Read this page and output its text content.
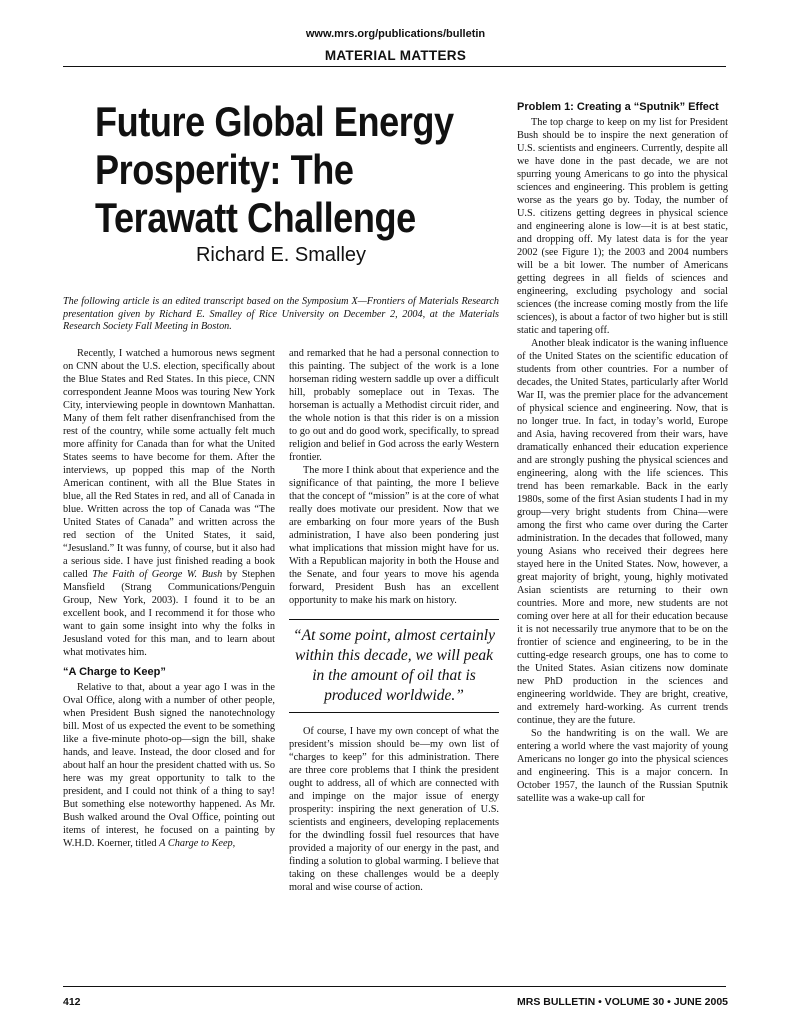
www.mrs.org/publications/bulletin
MATERIAL MATTERS
Future Global Energy
Prosperity: The
Terawatt Challenge
Richard E. Smalley
The following article is an edited transcript based on the Symposium X—Frontiers of Materials Research presentation given by Richard E. Smalley of Rice University on December 2, 2004, at the Materials Research Society Fall Meeting in Boston.

Recently, I watched a humorous news segment on CNN about the U.S. election, specifically about the Blue States and Red States. In this piece, CNN correspondent Jeanne Moos was touring New York City, interviewing people in downtown Manhattan. Many of them felt rather disenfranchised from the rest of the country, while some actually felt much more affinity for Canada than for what the United States seems to have become for them. After the interviews, up popped this map of the North American continent, with all the Blue States in blue, all the Red States in red, and all of Canada in blue. Written across the top of Canada was “The United States of Canada” and written across the red section of the United States, it said, “Jesusland.” It was funny, of course, but it also had a serious side. I have just finished reading a book called The Faith of George W. Bush by Stephen Mansfield (Strang Communications/Penguin Group, New York, 2003). I found it to be an excellent book, and I recommend it for those who want to gain some insight into why the folks in Jesusland voted for this man, and to learn about what motivates him.

“A Charge to Keep”

Relative to that, about a year ago I was in the Oval Office, along with a number of other people, when President Bush signed the nanotechnology bill. Most of us expected the event to be something like a five-minute photo-op—sign the bill, shake hands, and leave. Instead, the door closed and for about half an hour the president chatted with us. So here was my great opportunity to talk to the president, and I could not think of a thing to say! But something else noteworthy happened. As Mr. Bush walked around the Oval Office, pointing out items of interest, he focused on a painting by W.H.D. Koerner, titled A Charge to Keep,

and remarked that he had a personal connection to this painting. The subject of the work is a lone horseman riding western saddle up over a difficult hill, probably someplace out in Texas. The horseman is actually a Methodist circuit rider, and the whole notion is that this rider is on a mission to go out and do good work, specifically, to spread religion and belief in God across the early Western frontier.

The more I think about that experience and the significance of that painting, the more I believe that the concept of “mission” is at the core of what really does motivate our president. Now that we are embarking on four more years of the Bush administration, I have also been pondering just what implications that mission might have for us. With a Republican majority in both the House and the Senate, and four years to move his agenda forward, President Bush has an excellent opportunity to make his mark on history.

“At some point, almost certainly within this decade, we will peak in the amount of oil that is produced worldwide.”

Of course, I have my own concept of what the president’s mission should be—my own list of “charges to keep” for this administration. There are three core problems that I think the president ought to address, all of which are connected with and impinge on the major issue of energy prosperity: inspiring the next generation of U.S. scientists and engineers, developing replacements for the dwindling fossil fuel resources that have provided a majority of our energy in the past, and finding a solution to global warming. I believe that taking on these challenges would be a deeply moral and wise course of action.

Problem 1: Creating a “Sputnik” Effect

The top charge to keep on my list for President Bush should be to inspire the next generation of U.S. scientists and engineers. Currently, despite all we have done in the past decade, we are not spurring young Americans to go into the physical sciences and engineering. This problem is getting worse as the years go by. Today, the number of U.S. citizens getting degrees in physical science and engineering alone is low—it is at best static, and dropping off. My latest data is for the year 2002 (see Figure 1); the 2003 and 2004 numbers will be a bit lower. The number of Americans getting degrees in all fields of sciences and engineering, excluding psychology and social sciences (the increase coming mostly from the life sciences), is about a factor of two higher but is still static and tapering off.

Another bleak indicator is the waning influence of the United States on the scientific education of students from other countries. For a number of decades, the United States, particularly after World War II, was the premier place for the advancement of physical science and engineering. Now, that is no longer true. In fact, in today’s world, Europe and Asia, having recovered from their wars, have dramatically enhanced their education experience and are strongly pushing the physical sciences and engineering, along with the life sciences. This trend has been remarkable. Back in the early 1980s, some of the first Asian students I had in my group—very bright students from China—were among the first who came over during the Carter administration. In the decades that followed, many young Asians who received their degrees here stayed here in the United States. Now, however, a great majority of bright, young, highly motivated Asian scientists are returning to their own countries. More and more, new students are not coming over here at all for their education because it is not necessarily true anymore that to be on the frontier of science and engineering, to be in the cutting-edge research groups, one has to come to the United States. Asian citizens now dominate new PhD production in the sciences and engineering worldwide. They are bright, creative, and extremely hard-working. As current trends continue, they are the future.

So the handwriting is on the wall. We are entering a world where the vast majority of young Americans no longer go into the physical sciences and engineering. This is a major concern. In October 1957, the launch of the Russian Sputnik satellite was a wake-up call for

412	MRS BULLETIN • VOLUME 30 • JUNE 2005
